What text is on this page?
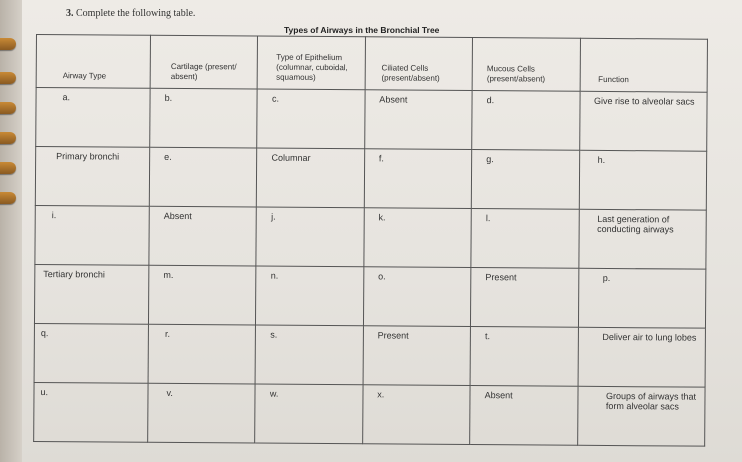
3. Complete the following table.
Types of Airways in the Bronchial Tree
Airway Type	Cartilage (present/ absent)	Type of Epithelium (columnar, cuboidal, squamous)	Ciliated Cells (present/absent)	Mucous Cells (present/absent)	Function
a.	b.	c.	Absent	d.	Give rise to alveolar sacs
Primary bronchi	e.	Columnar	f.	g.	h.
i.	Absent	j.	k.	l.	Last generation of conducting airways
Tertiary bronchi	m.	n.	o.	Present	p.
q.	r.	s.	Present	t.	Deliver air to lung lobes
u.	v.	w.	x.	Absent	Groups of airways that form alveolar sacs
